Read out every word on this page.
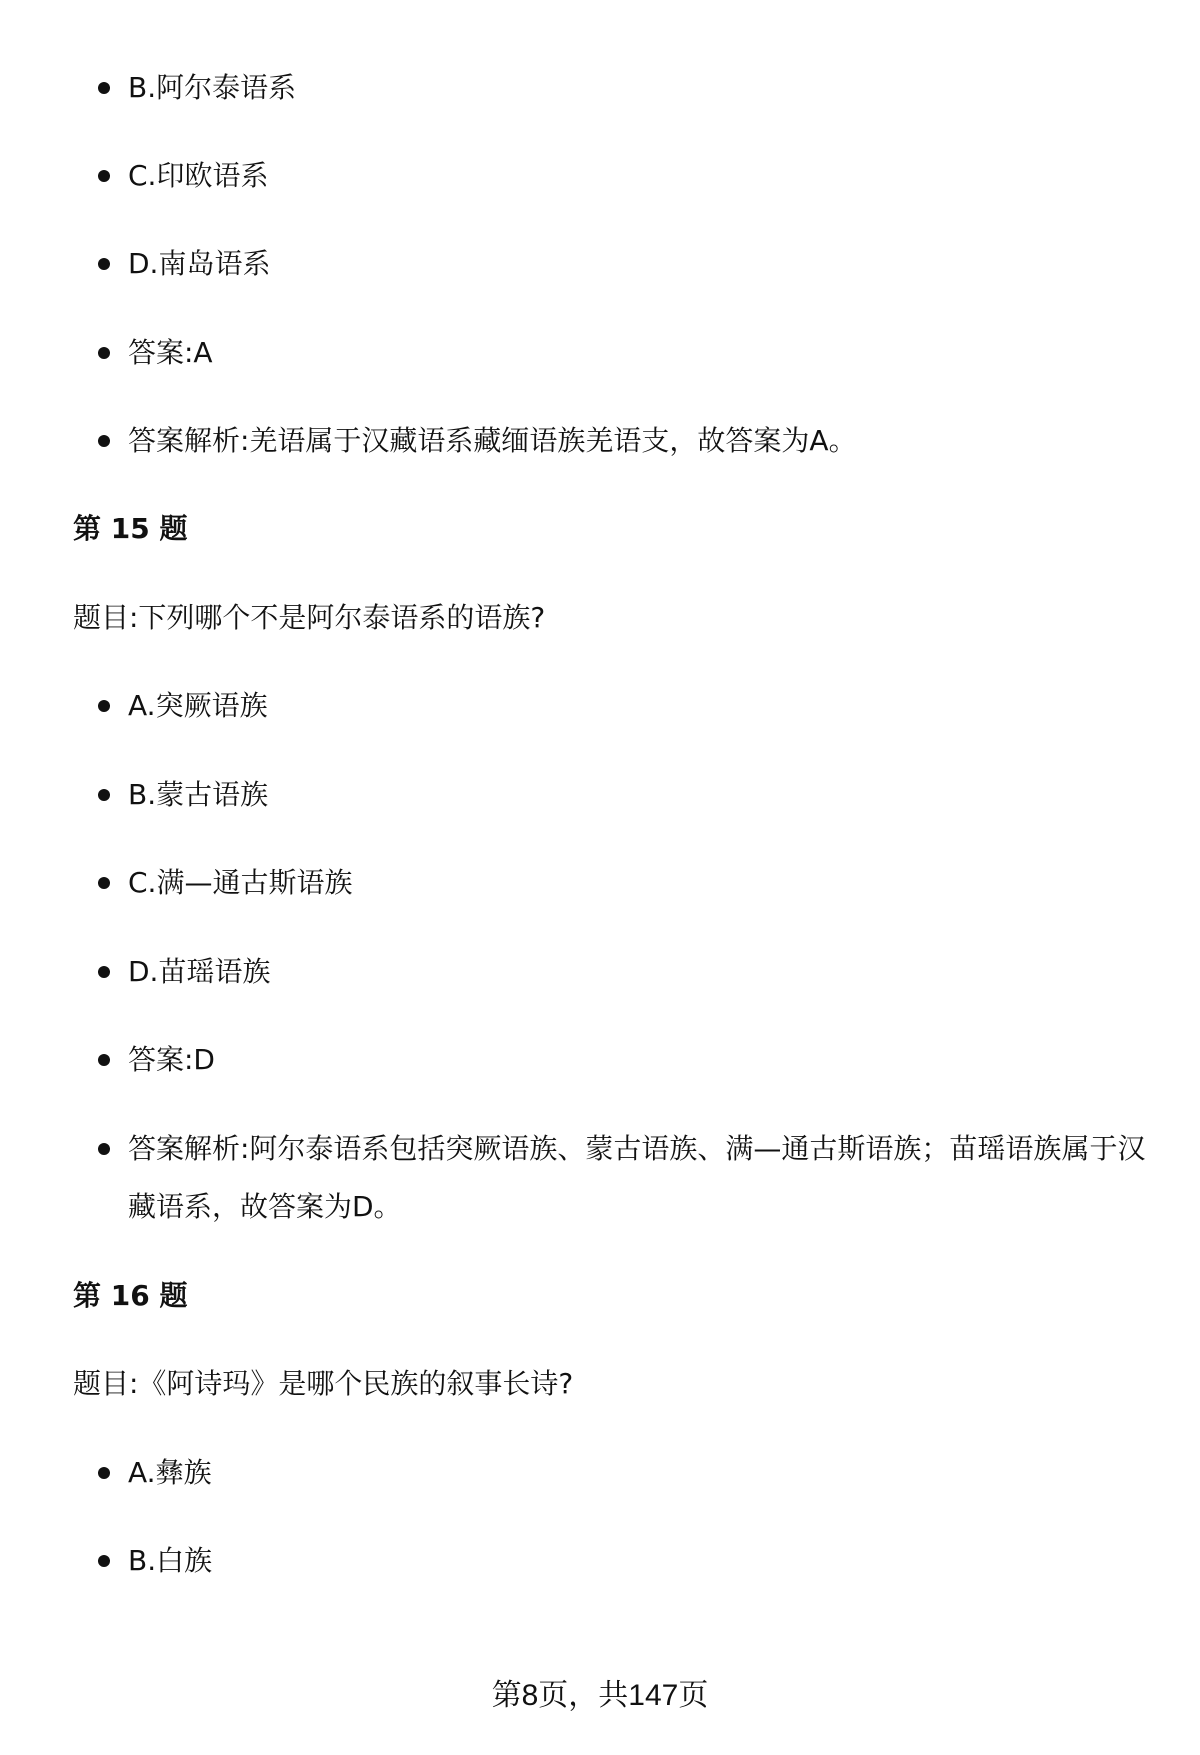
B.阿尔泰语系
C.印欧语系
D.南岛语系
答案:A
答案解析:羌语属于汉藏语系藏缅语族羌语支，故答案为A。
第 15 题
题目:下列哪个不是阿尔泰语系的语族?
A.突厥语族
B.蒙古语族
C.满—通古斯语族
D.苗瑶语族
答案:D
答案解析:阿尔泰语系包括突厥语族、蒙古语族、满—通古斯语族；苗瑶语族属于汉藏语系，故答案为D。
第 16 题
题目:《阿诗玛》是哪个民族的叙事长诗?
A.彝族
B.白族
第8页，共147页
